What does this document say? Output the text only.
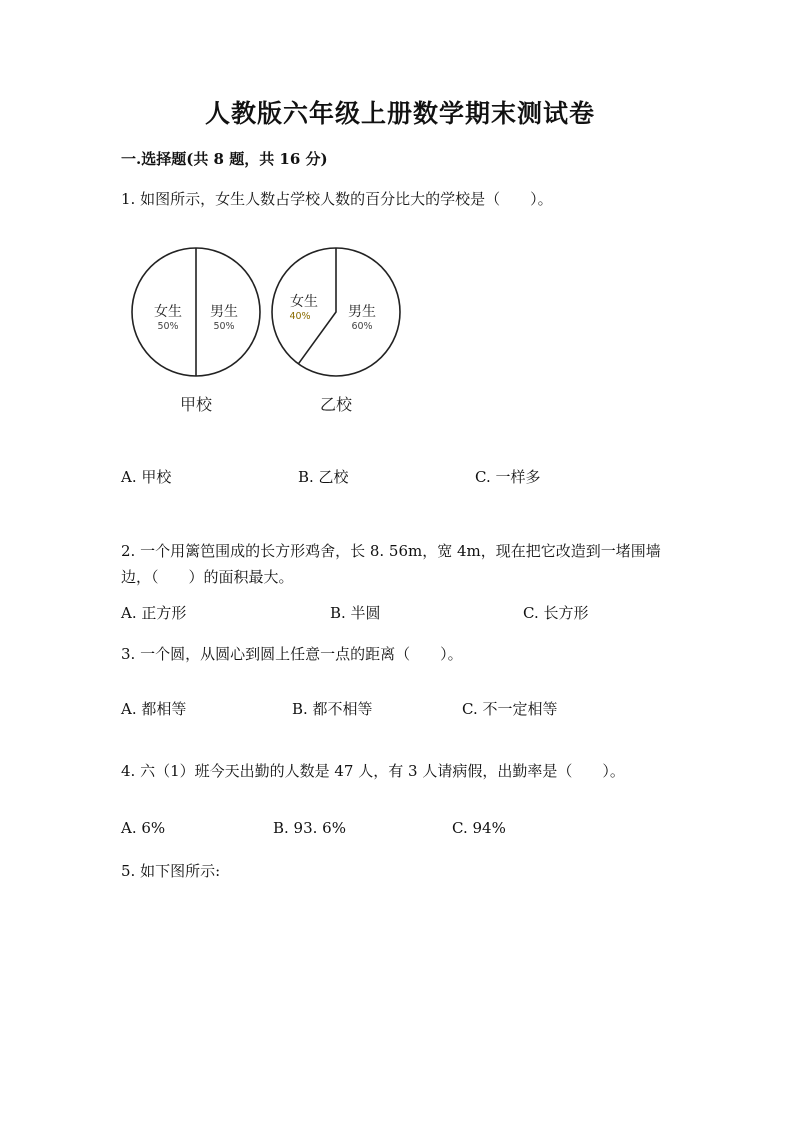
人教版六年级上册数学期末测试卷
一.选择题(共 8 题，共 16 分)
1. 如图所示，女生人数占学校人数的百分比大的学校是（　　）。
女生
50%
男生
50%
甲校
女生
40%	男生
60%
乙校
A. 甲校	B. 乙校	C. 一样多
2. 一个用篱笆围成的长方形鸡舍，长 8. 56m，宽 4m，现在把它改造到一堵围墙
边，（　　）的面积最大。
A. 正方形	B. 半圆	C. 长方形
3. 一个圆，从圆心到圆上任意一点的距离（　　）。
A. 都相等	B. 都不相等	C. 不一定相等
4. 六（1）班今天出勤的人数是 47 人，有 3 人请病假，出勤率是（　　）。
A. 6%	B. 93. 6%	C. 94%
5. 如下图所示:
